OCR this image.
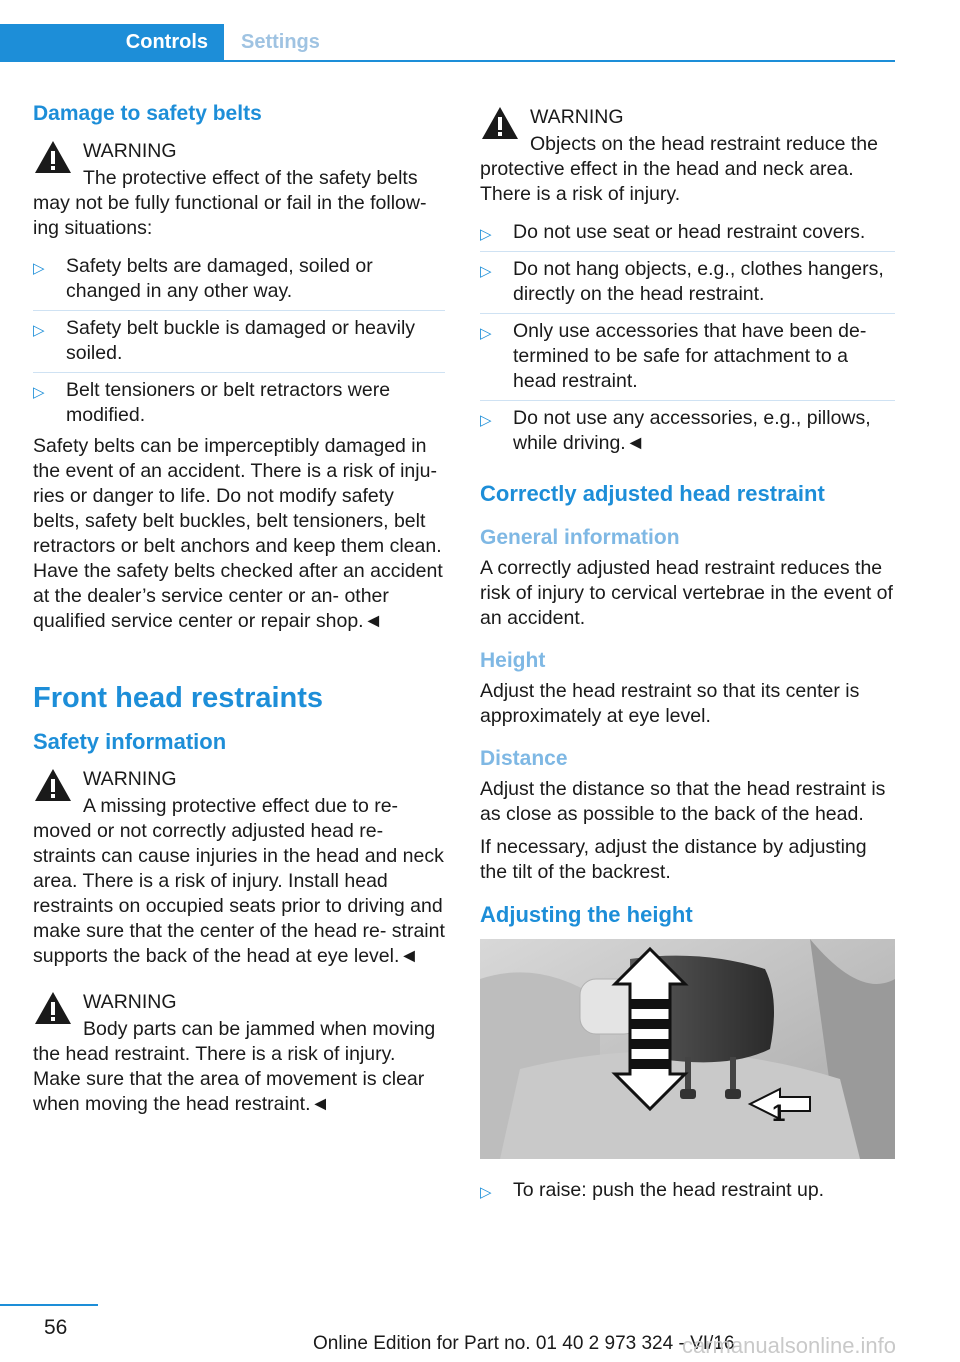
Controls	Settings
Damage to safety belts
WARNING
The protective effect of the safety belts

may not be fully functional or fail in the follow‐ ing situations:

▷ Safety belts are damaged, soiled or changed in any other way.
▷ Safety belt buckle is damaged or heavily soiled.
▷ Belt tensioners or belt retractors were modified.

Safety belts can be imperceptibly damaged in the event of an accident. There is a risk of inju‐ ries or danger to life. Do not modify safety belts, safety belt buckles, belt tensioners, belt retractors or belt anchors and keep them clean. Have the safety belts checked after an accident at the dealer’s service center or an‐ other qualified service center or repair shop.◄

Front head restraints
Safety information
WARNING
A missing protective effect due to re‐

moved or not correctly adjusted head re‐ straints can cause injuries in the head and neck area. There is a risk of injury. Install head restraints on occupied seats prior to driving and make sure that the center of the head re‐ straint supports the back of the head at eye level.◄

WARNING
Body parts can be jammed when moving

the head restraint. There is a risk of injury. Make sure that the area of movement is clear when moving the head restraint.◄

WARNING
Objects on the head restraint reduce the

protective effect in the head and neck area. There is a risk of injury.

▷ Do not use seat or head restraint covers.
▷ Do not hang objects, e.g., clothes hangers, directly on the head restraint.
▷ Only use accessories that have been de‐ termined to be safe for attachment to a head restraint.
▷ Do not use any accessories, e.g., pillows, while driving.◄
Correctly adjusted head restraint
General information

A correctly adjusted head restraint reduces the risk of injury to cervical vertebrae in the event of an accident.

Height

Adjust the head restraint so that its center is approximately at eye level.

Distance

Adjust the distance so that the head restraint is as close as possible to the back of the head.

If necessary, adjust the distance by adjusting the tilt of the backrest.

Adjusting the height
1
▷ To raise: push the head restraint up.
56
Online Edition for Part no. 01 40 2 973 324 - VI/16
carmanualsonline.info
